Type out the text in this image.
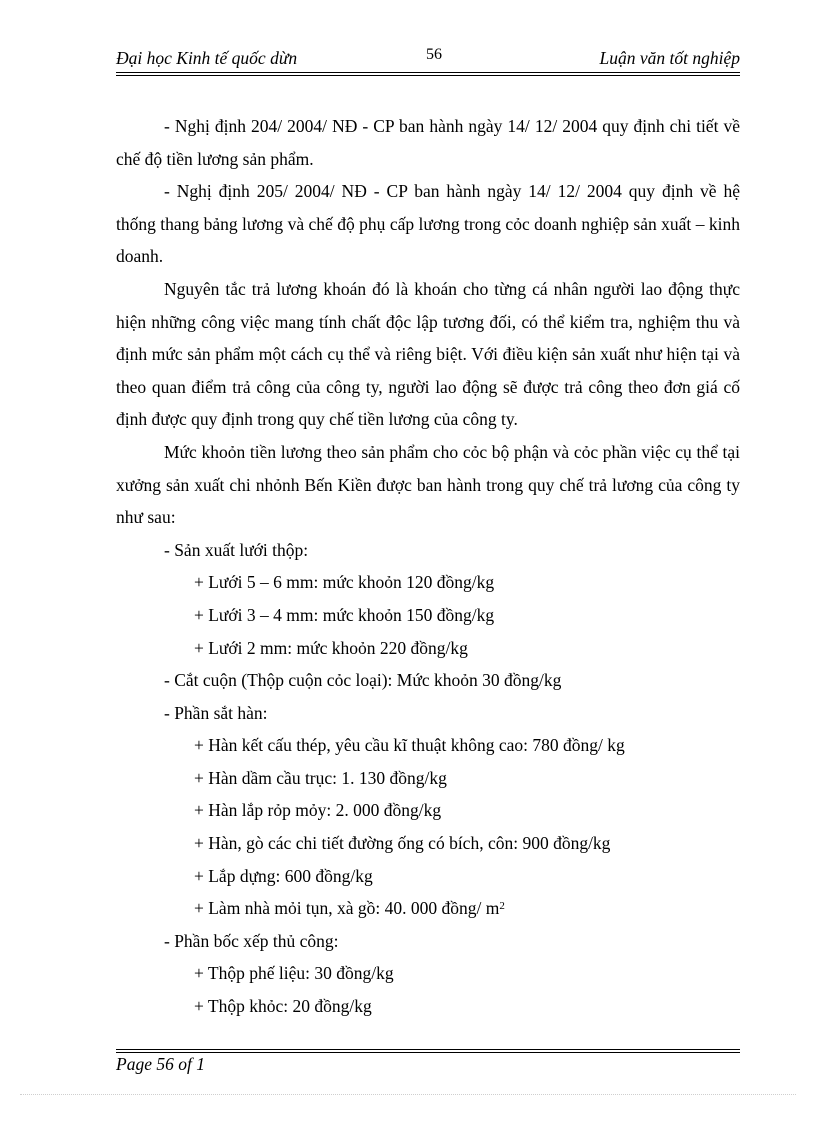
Đại học Kinh tế quốc dừn	56	Luận văn tốt nghiệp

- Nghị định 204/ 2004/ NĐ - CP ban hành ngày 14/ 12/ 2004 quy định chi tiết về chế độ tiền lương sản phẩm.

- Nghị định 205/ 2004/ NĐ - CP ban hành ngày 14/ 12/ 2004 quy định về hệ thống thang bảng lương và chế độ phụ cấp lương trong cỏc doanh nghiệp sản xuất – kinh doanh.

Nguyên tắc trả lương khoán đó là khoán cho từng cá nhân người lao động thực hiện những công việc mang tính chất độc lập tương đối, có thể kiểm tra, nghiệm thu và định mức sản phẩm một cách cụ thể và riêng biệt. Với điều kiện sản xuất như hiện tại và theo quan điểm trả công của công ty, người lao động sẽ được trả công theo đơn giá cố định được quy định trong quy chế tiền lương của công ty.

Mức khoỏn tiền lương theo sản phẩm cho cỏc bộ phận và cỏc phần việc cụ thể tại xưởng sản xuất chi nhỏnh Bến Kiền được ban hành trong quy chế trả lương của công ty như sau:

- Sản xuất lưới thộp:

+ Lưới 5 – 6 mm: mức khoỏn 120 đồng/kg

+ Lưới 3 – 4 mm: mức khoỏn 150 đồng/kg

+ Lưới 2 mm: mức khoỏn 220 đồng/kg

- Cắt cuộn (Thộp cuộn cỏc loại): Mức khoỏn 30 đồng/kg

- Phần sắt hàn:

+ Hàn kết cấu thép, yêu cầu kĩ thuật không cao: 780 đồng/ kg

+ Hàn dầm cầu trục: 1. 130 đồng/kg

+ Hàn lắp rỏp mỏy: 2. 000 đồng/kg

+ Hàn, gò các chi tiết đường ống có bích, côn: 900 đồng/kg

+ Lắp dựng: 600 đồng/kg

+ Làm nhà mỏi tụn, xà gồ: 40. 000 đồng/ $m^2$

- Phần bốc xếp thủ công:

+ Thộp phế liệu: 30 đồng/kg

+ Thộp khỏc: 20 đồng/kg

Page 56 of 1
